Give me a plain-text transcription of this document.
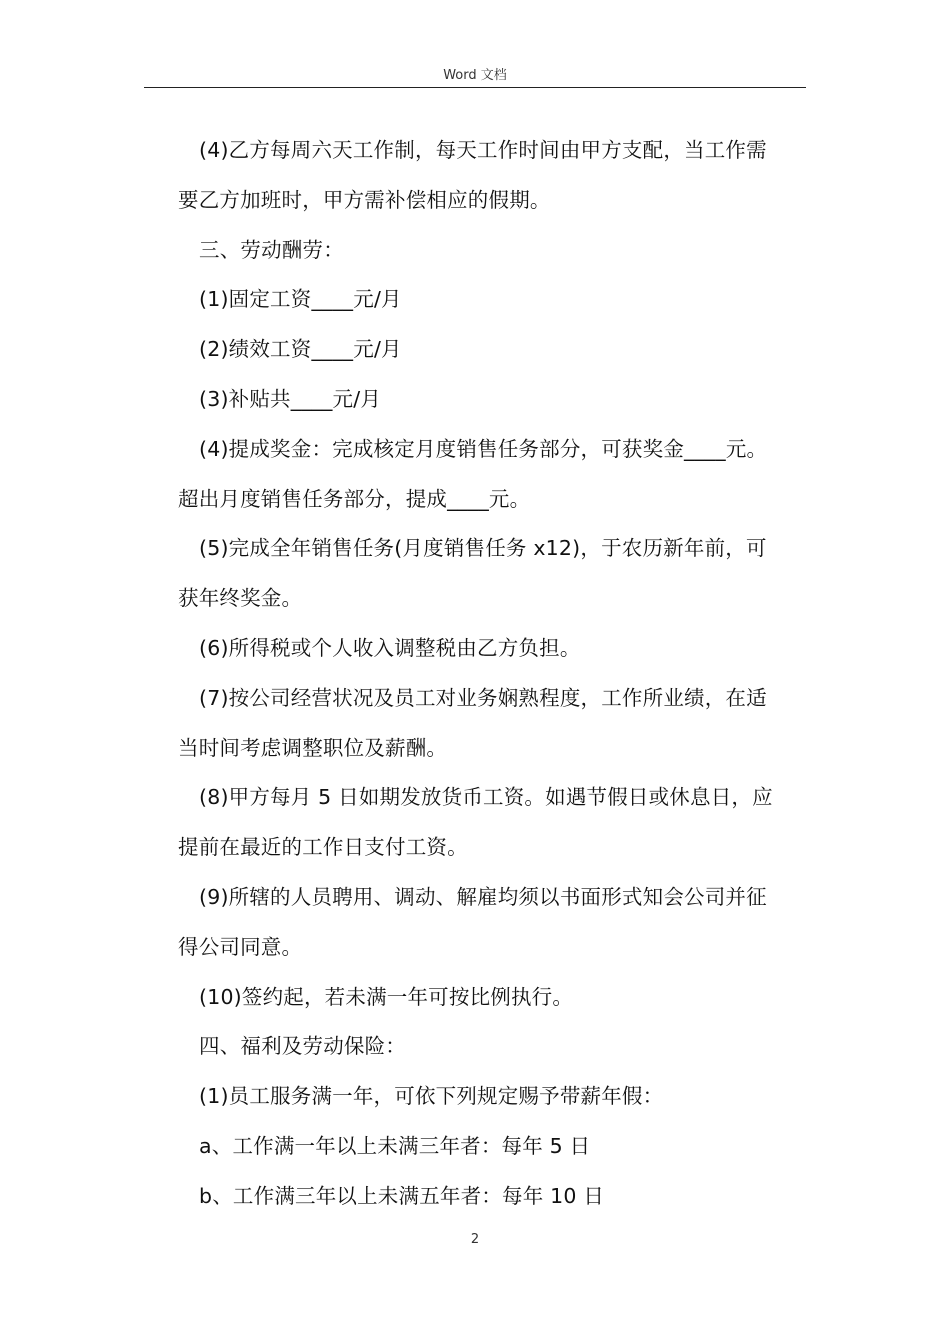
Word 文档
(4)乙方每周六天工作制，每天工作时间由甲方支配，当工作需
要乙方加班时，甲方需补偿相应的假期。
三、劳动酬劳：
(1)固定工资____元/月
(2)绩效工资____元/月
(3)补贴共____元/月
(4)提成奖金：完成核定月度销售任务部分，可获奖金____元。
超出月度销售任务部分，提成____元。
(5)完成全年销售任务(月度销售任务 x12)，于农历新年前，可
获年终奖金。
(6)所得税或个人收入调整税由乙方负担。
(7)按公司经营状况及员工对业务娴熟程度，工作所业绩，在适
当时间考虑调整职位及薪酬。
(8)甲方每月 5 日如期发放货币工资。如遇节假日或休息日，应
提前在最近的工作日支付工资。
(9)所辖的人员聘用、调动、解雇均须以书面形式知会公司并征
得公司同意。
(10)签约起，若未满一年可按比例执行。
四、福利及劳动保险：
(1)员工服务满一年，可依下列规定赐予带薪年假：
a、工作满一年以上未满三年者：每年 5 日
b、工作满三年以上未满五年者：每年 10 日
2
